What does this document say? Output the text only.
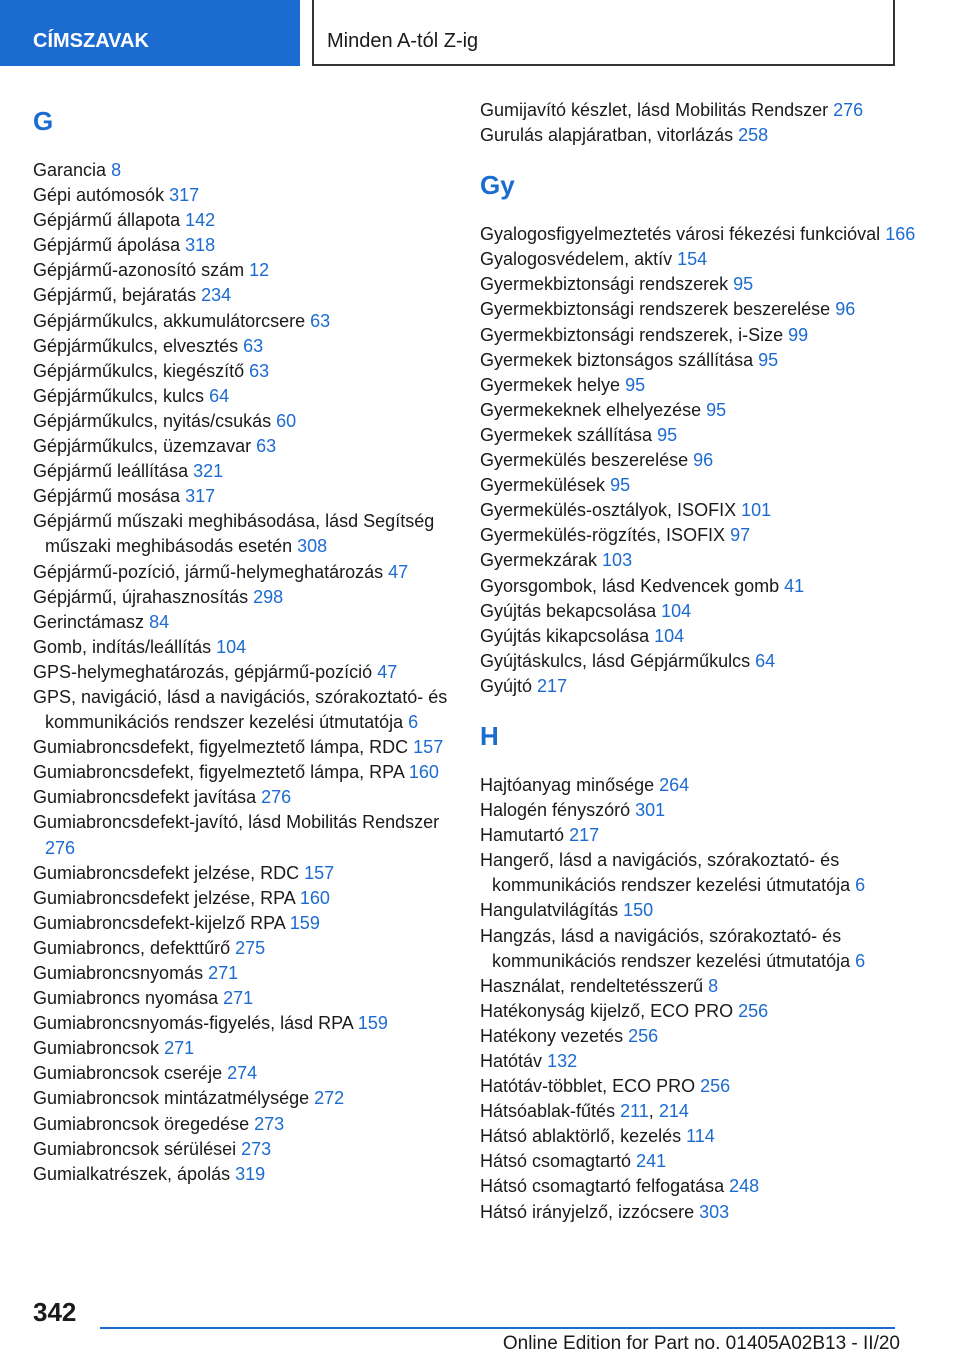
CÍMSZAVAK	Minden A-tól Z-ig
G
Garancia 8
Gépi autómosók 317
Gépjármű állapota 142
Gépjármű ápolása 318
Gépjármű-azonosító szám 12
Gépjármű, bejáratás 234
Gépjárműkulcs, akkumulátorcsere 63
Gépjárműkulcs, elvesztés 63
Gépjárműkulcs, kiegészítő 63
Gépjárműkulcs, kulcs 64
Gépjárműkulcs, nyitás/csukás 60
Gépjárműkulcs, üzemzavar 63
Gépjármű leállítása 321
Gépjármű mosása 317
Gépjármű műszaki meghibásodása, lásd Segítség műszaki meghibásodás esetén 308
Gépjármű-pozíció, jármű-helymeghatározás 47
Gépjármű, újrahasznosítás 298
Gerinctámasz 84
Gomb, indítás/leállítás 104
GPS-helymeghatározás, gépjármű-pozíció 47
GPS, navigáció, lásd a navigációs, szórakoztató- és kommunikációs rendszer kezelési útmutatója 6
Gumiabroncsdefekt, figyelmeztető lámpa, RDC 157
Gumiabroncsdefekt, figyelmeztető lámpa, RPA 160
Gumiabroncsdefekt javítása 276
Gumiabroncsdefekt-javító, lásd Mobilitás Rendszer 276
Gumiabroncsdefekt jelzése, RDC 157
Gumiabroncsdefekt jelzése, RPA 160
Gumiabroncsdefekt-kijelző RPA 159
Gumiabroncs, defekttűrő 275
Gumiabroncsnyomás 271
Gumiabroncs nyomása 271
Gumiabroncsnyomás-figyelés, lásd RPA 159
Gumiabroncsok 271
Gumiabroncsok cseréje 274
Gumiabroncsok mintázatmélysége 272
Gumiabroncsok öregedése 273
Gumiabroncsok sérülései 273
Gumialkatrészek, ápolás 319
Gumijavító készlet, lásd Mobilitás Rendszer 276
Gurulás alapjáratban, vitorlázás 258
Gy
Gyalogosfigyelmeztetés városi fékezési funkcióval 166
Gyalogosvédelem, aktív 154
Gyermekbiztonsági rendszerek 95
Gyermekbiztonsági rendszerek beszerelése 96
Gyermekbiztonsági rendszerek, i-Size 99
Gyermekek biztonságos szállítása 95
Gyermekek helye 95
Gyermekeknek elhelyezése 95
Gyermekek szállítása 95
Gyermekülés beszerelése 96
Gyermekülések 95
Gyermekülés-osztályok, ISOFIX 101
Gyermekülés-rögzítés, ISOFIX 97
Gyermekzárak 103
Gyorsgombok, lásd Kedvencek gomb 41
Gyújtás bekapcsolása 104
Gyújtás kikapcsolása 104
Gyújtáskulcs, lásd Gépjárműkulcs 64
Gyújtó 217
H
Hajtóanyag minősége 264
Halogén fényszóró 301
Hamutartó 217
Hangerő, lásd a navigációs, szórakoztató- és kommunikációs rendszer kezelési útmutatója 6
Hangulatvilágítás 150
Hangzás, lásd a navigációs, szórakoztató- és kommunikációs rendszer kezelési útmutatója 6
Használat, rendeltetésszerű 8
Hatékonyság kijelző, ECO PRO 256
Hatékony vezetés 256
Hatótáv 132
Hatótáv-többlet, ECO PRO 256
Hátsóablak-fűtés 211, 214
Hátsó ablaktörlő, kezelés 114
Hátsó csomagtartó 241
Hátsó csomagtartó felfogatása 248
Hátsó irányjelző, izzócsere 303
342
Online Edition for Part no. 01405A02B13 - II/20
